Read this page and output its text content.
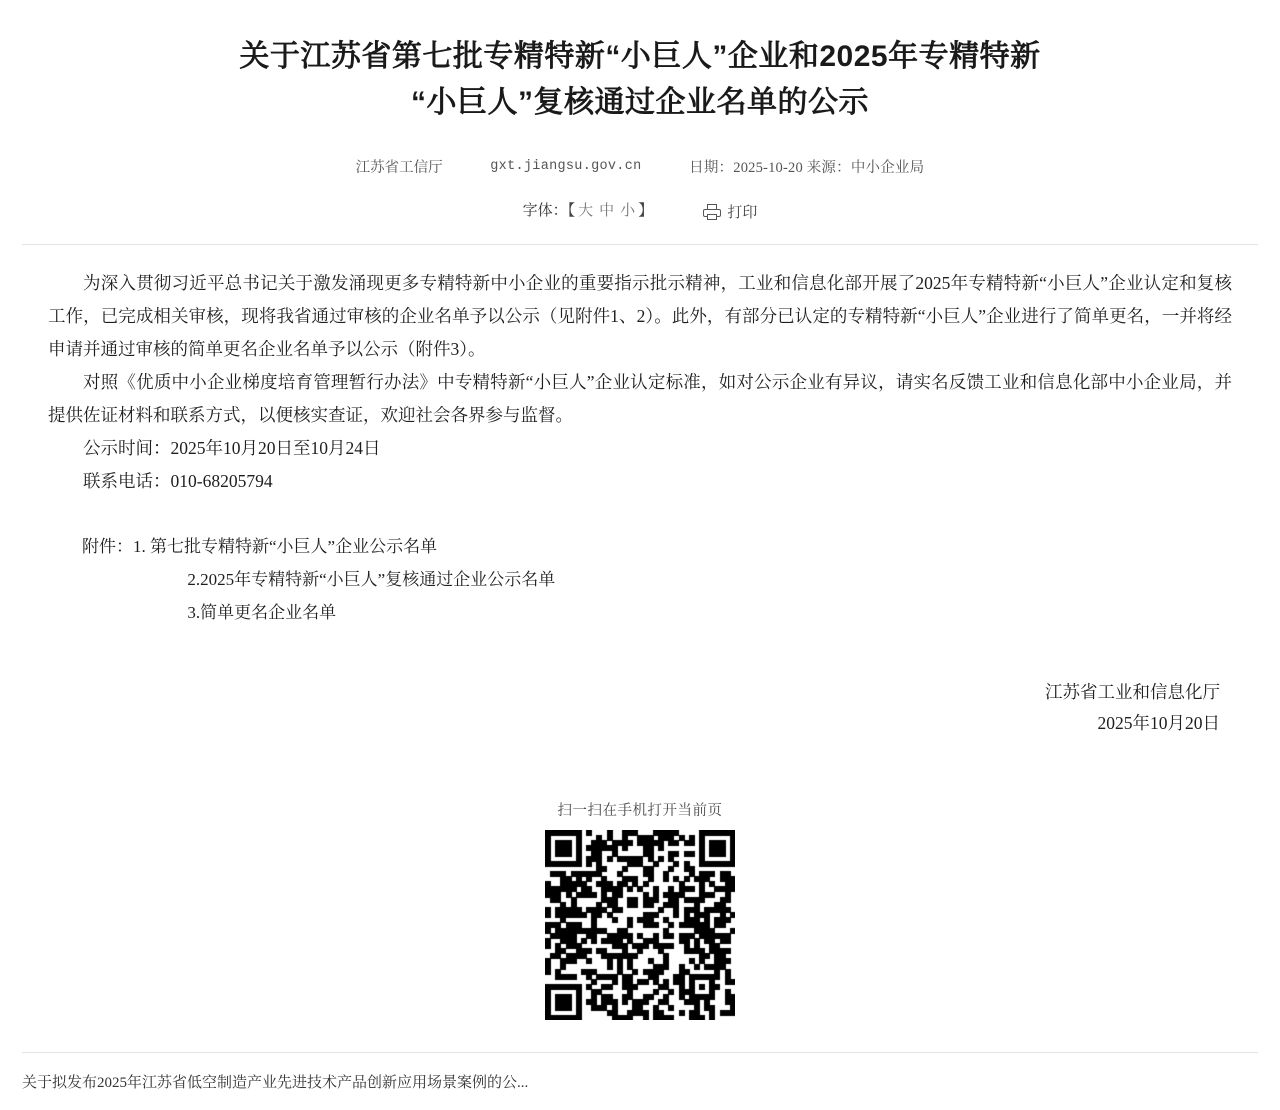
关于江苏省第七批专精特新“小巨人”企业和2025年专精特新
“小巨人”复核通过企业名单的公示
江苏省工信厅	gxt.jiangsu.gov.cn	日期：2025-10-20 来源：中小企业局
字体：【 大 中 小 】	打印

为深入贯彻习近平总书记关于激发涌现更多专精特新中小企业的重要指示批示精神，工业和信息化部开展了2025年专精特新“小巨人”企业认定和复核工作，已完成相关审核，现将我省通过审核的企业名单予以公示（见附件1、2）。此外，有部分已认定的专精特新“小巨人”企业进行了简单更名，一并将经申请并通过审核的简单更名企业名单予以公示（附件3）。

对照《优质中小企业梯度培育管理暂行办法》中专精特新“小巨人”企业认定标准，如对公示企业有异议，请实名反馈工业和信息化部中小企业局，并提供佐证材料和联系方式，以便核实查证，欢迎社会各界参与监督。

公示时间：2025年10月20日至10月24日

联系电话：010-68205794

附件：1. 第七批专精特新“小巨人”企业公示名单

2.2025年专精特新“小巨人”复核通过企业公示名单

3.简单更名企业名单

江苏省工业和信息化厅
2025年10月20日
扫一扫在手机打开当前页
关于拟发布2025年江苏省低空制造产业先进技术产品创新应用场景案例的公...
